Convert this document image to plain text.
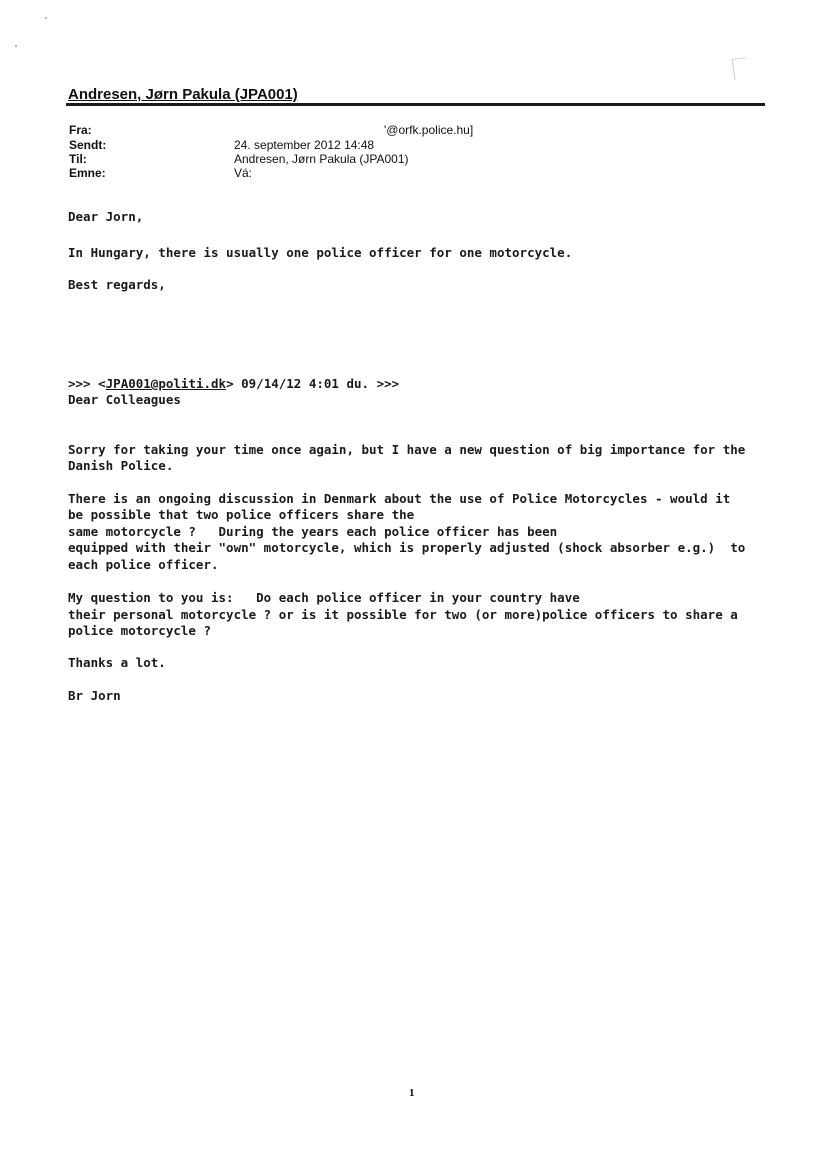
Andresen, Jørn Pakula (JPA001)
Fra:	'@orfk.police.hu]
Sendt:	24. september 2012 14:48
Til:	Andresen, Jørn Pakula (JPA001)
Emne:	Vá:
Dear Jorn,
In Hungary, there is usually one police officer for one motorcycle.
Best regards,
>>> <JPA001@politi.dk> 09/14/12 4:01 du. >>>
Dear Colleagues
Sorry for taking your time once again, but I have a new question of big importance for the
Danish Police.
There is an ongoing discussion in Denmark about the use of Police Motorcycles - would it
be possible that two police officers share the
same motorcycle ?   During the years each police officer has been
equipped with their "own" motorcycle, which is properly adjusted (shock absorber e.g.)  to
each police officer.
My question to you is:   Do each police officer in your country have
their personal motorcycle ? or is it possible for two (or more)police officers to share a
police motorcycle ?
Thanks a lot.
Br Jorn
1
